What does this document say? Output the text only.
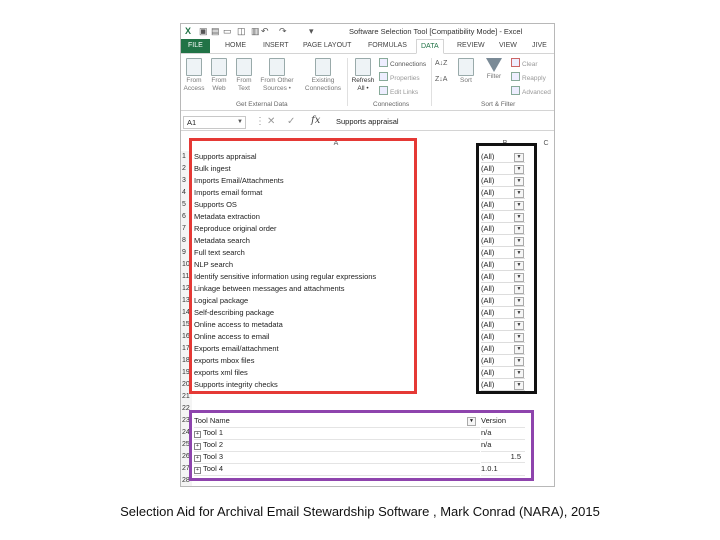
X ▣ ▤ ▭ ◫ ▥ ↶ ↷ ▾	Software Selection Tool [Compatibility Mode] - Excel
FILE	HOME INSERT PAGE LAYOUT FORMULAS	DATA	REVIEW VIEW JIVE
From
Access
From
Web
From
Text
From Other
Sources •
Existing
Connections
Get External Data
Refresh
All •
Connections
Properties
Edit Links
Connections
A↓Z
Z↓A	Sort
Filter
Clear
Reapply
Advanced
Sort & Filter
A1	▼ ⋮ ✕ ✓ fx	Supports appraisal
A	B	C
1	Supports appraisal	(All)	▼
2	Bulk ingest	(All)	▼
3	Imports Email/Attachments	(All)	▼
4	Imports email format	(All)	▼
5	Supports OS	(All)	▼
6	Metadata extraction	(All)	▼
7	Reproduce original order	(All)	▼
8	Metadata search	(All)	▼
9	Full text search	(All)	▼
10 NLP search	(All)	▼
11 Identify sensitive information using regular expressions	(All)	▼
12 Linkage between messages and attachments	(All)	▼
13 Logical package	(All)	▼
14 Self-describing package	(All)	▼
15 Online access to metadata	(All)	▼
16 Online access to email	(All)	▼
17 Exports email/attachment	(All)	▼
18 exports mbox files	(All)	▼
19 exports xml files	(All)	▼
20 Supports integrity checks	(All)	▼
21
22
23 Tool Name	▼ Version
24	+ Tool 1	n/a
25	+ Tool 2	n/a
26	+ Tool 3	1.5
27	+ Tool 4	1.0.1
28
Selection Aid for Archival Email Stewardship Software , Mark Conrad (NARA), 2015
